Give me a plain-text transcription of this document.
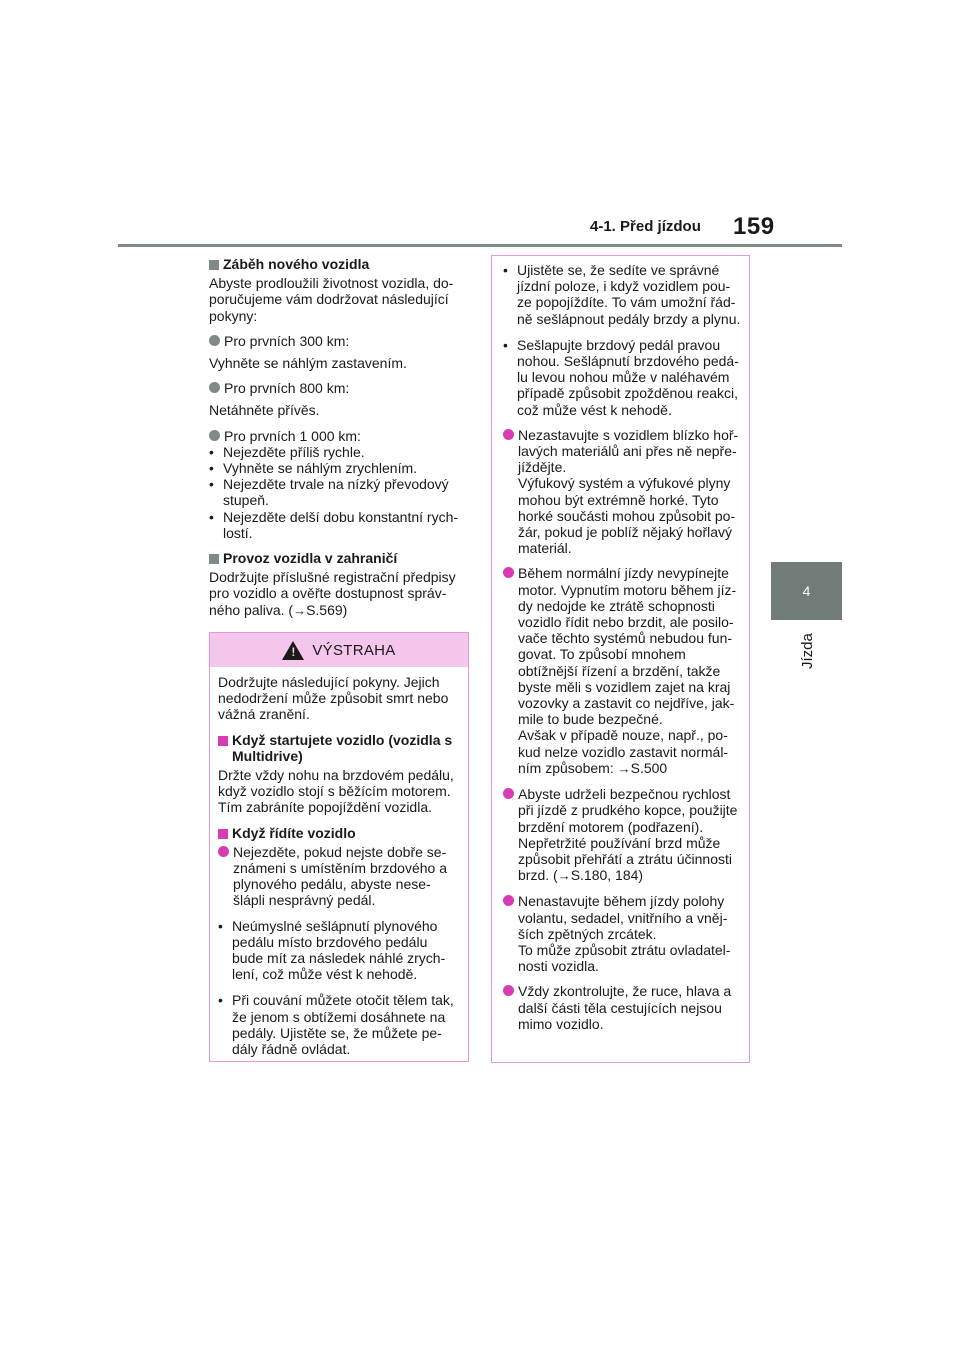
4-1. Před jízdou 159
4
Jízda

Záběh nového vozidla

Abyste prodloužili životnost vozidla, do-poručujeme vám dodržovat následující pokyny:

Pro prvních 300 km:

Vyhněte se náhlým zastavením.

Pro prvních 800 km:

Netáhněte přívěs.

Pro prvních 1 000 km:

• Nejezděte příliš rychle.
• Vyhněte se náhlým zrychlením.
• Nejezděte trvale na nízký převodový stupeň.
• Nejezděte delší dobu konstantní rych-lostí.

Provoz vozidla v zahraničí

Dodržujte příslušné registrační předpisy pro vozidlo a ověřte dostupnost správ-ného paliva. (→S.569)

! VÝSTRAHA

Dodržujte následující pokyny. Jejich nedodržení může způsobit smrt nebo vážná zranění.

Když startujete vozidlo (vozidla s Multidrive)

Držte vždy nohu na brzdovém pedálu, když vozidlo stojí s běžícím motorem. Tím zabráníte popojíždění vozidla.

Když řídíte vozidlo

Nejezděte, pokud nejste dobře se-známeni s umístěním brzdového a plynového pedálu, abyste nese-šlápli nesprávný pedál.

• Neúmyslné sešlápnutí plynového pedálu místo brzdového pedálu bude mít za následek náhlé zrych-lení, což může vést k nehodě.

• Při couvání můžete otočit tělem tak, že jenom s obtížemi dosáhnete na pedály. Ujistěte se, že můžete pe-dály řádně ovládat.

• Ujistěte se, že sedíte ve správné jízdní poloze, i když vozidlem pou-ze popojíždíte. To vám umožní řád-ně sešlápnout pedály brzdy a plynu.

• Sešlapujte brzdový pedál pravou nohou. Sešlápnutí brzdového pedá-lu levou nohou může v naléhavém případě způsobit zpožděnou reakci, což může vést k nehodě.

Nezastavujte s vozidlem blízko hoř-lavých materiálů ani přes ně nepře-jíždějte.

Výfukový systém a výfukové plyny mohou být extrémně horké. Tyto horké součásti mohou způsobit po-žár, pokud je poblíž nějaký hořlavý materiál.

Během normální jízdy nevypínejte motor. Vypnutím motoru během jíz-dy nedojde ke ztrátě schopnosti vozidlo řídit nebo brzdit, ale posilo-vače těchto systémů nebudou fun-govat. To způsobí mnohem obtížnější řízení a brzdění, takže byste měli s vozidlem zajet na kraj vozovky a zastavit co nejdříve, jak-mile to bude bezpečné.

Avšak v případě nouze, např., po-kud nelze vozidlo zastavit normál-ním způsobem: →S.500

Abyste udrželi bezpečnou rychlost při jízdě z prudkého kopce, použijte brzdění motorem (podřazení).

Nepřetržité používání brzd může způsobit přehřátí a ztrátu účinnosti brzd. (→S.180, 184)

Nenastavujte během jízdy polohy volantu, sedadel, vnitřního a vněj-ších zpětných zrcátek.

To může způsobit ztrátu ovladatel-nosti vozidla.

Vždy zkontrolujte, že ruce, hlava a další části těla cestujících nejsou mimo vozidlo.
